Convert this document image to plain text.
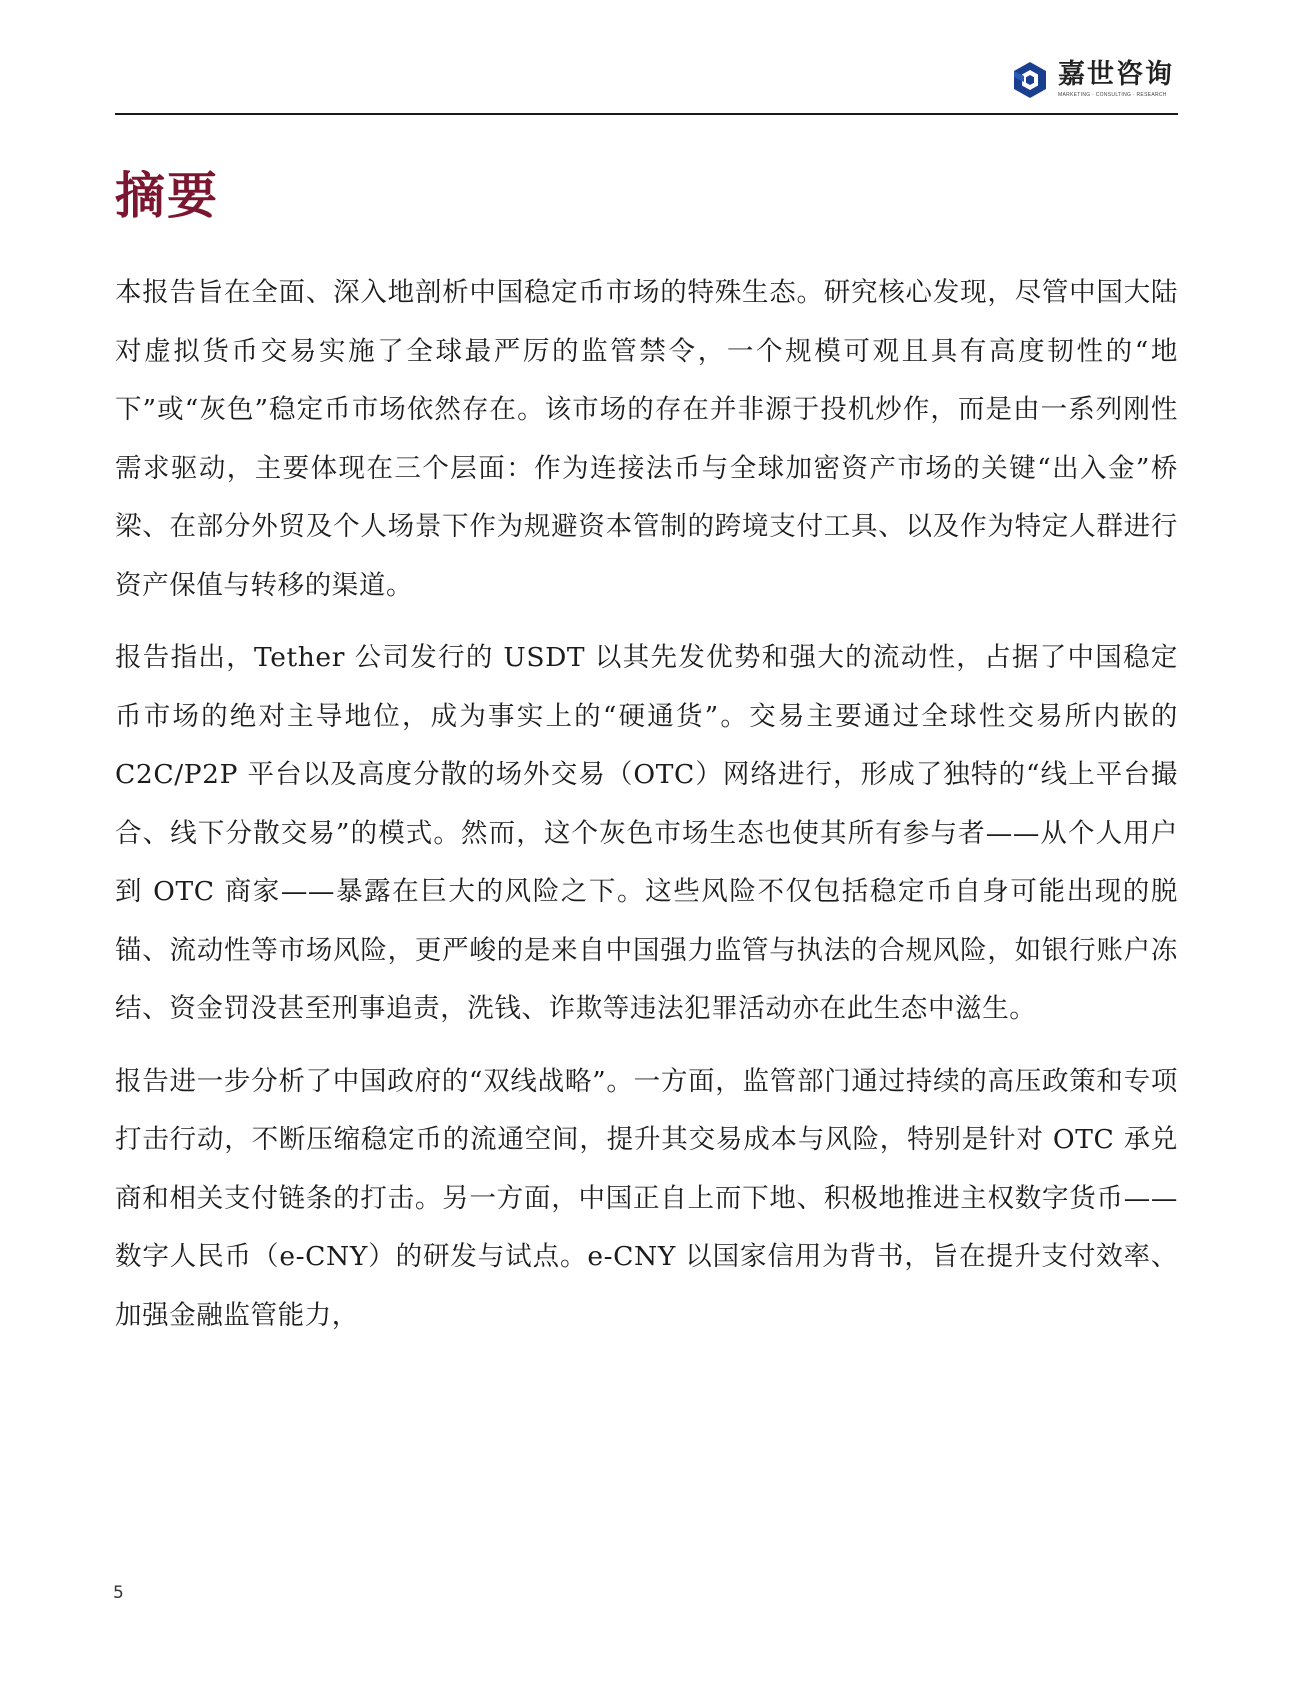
嘉世咨询
MARKETING · CONSULTING · RESEARCH
摘要

本报告旨在全面、深入地剖析中国稳定币市场的特殊生态。研究核心发现，尽管中国大陆对虚拟货币交易实施了全球最严厉的监管禁令，一个规模可观且具有高度韧性的“地下”或“灰色”稳定币市场依然存在。该市场的存在并非源于投机炒作，而是由一系列刚性需求驱动，主要体现在三个层面：作为连接法币与全球加密资产市场的关键“出入金”桥梁、在部分外贸及个人场景下作为规避资本管制的跨境支付工具、以及作为特定人群进行资产保值与转移的渠道。

报告指出，Tether 公司发行的 USDT 以其先发优势和强大的流动性，占据了中国稳定币市场的绝对主导地位，成为事实上的“硬通货”。交易主要通过全球性交易所内嵌的 C2C/P2P 平台以及高度分散的场外交易（OTC）网络进行，形成了独特的“线上平台撮合、线下分散交易”的模式。然而，这个灰色市场生态也使其所有参与者——从个人用户到 OTC 商家——暴露在巨大的风险之下。这些风险不仅包括稳定币自身可能出现的脱锚、流动性等市场风险，更严峻的是来自中国强力监管与执法的合规风险，如银行账户冻结、资金罚没甚至刑事追责，洗钱、诈欺等违法犯罪活动亦在此生态中滋生。

报告进一步分析了中国政府的“双线战略”。一方面，监管部门通过持续的高压政策和专项打击行动，不断压缩稳定币的流通空间，提升其交易成本与风险，特别是针对 OTC 承兑商和相关支付链条的打击。另一方面，中国正自上而下地、积极地推进主权数字货币——数字人民币（e-CNY）的研发与试点。e-CNY 以国家信用为背书，旨在提升支付效率、加强金融监管能力，

5
